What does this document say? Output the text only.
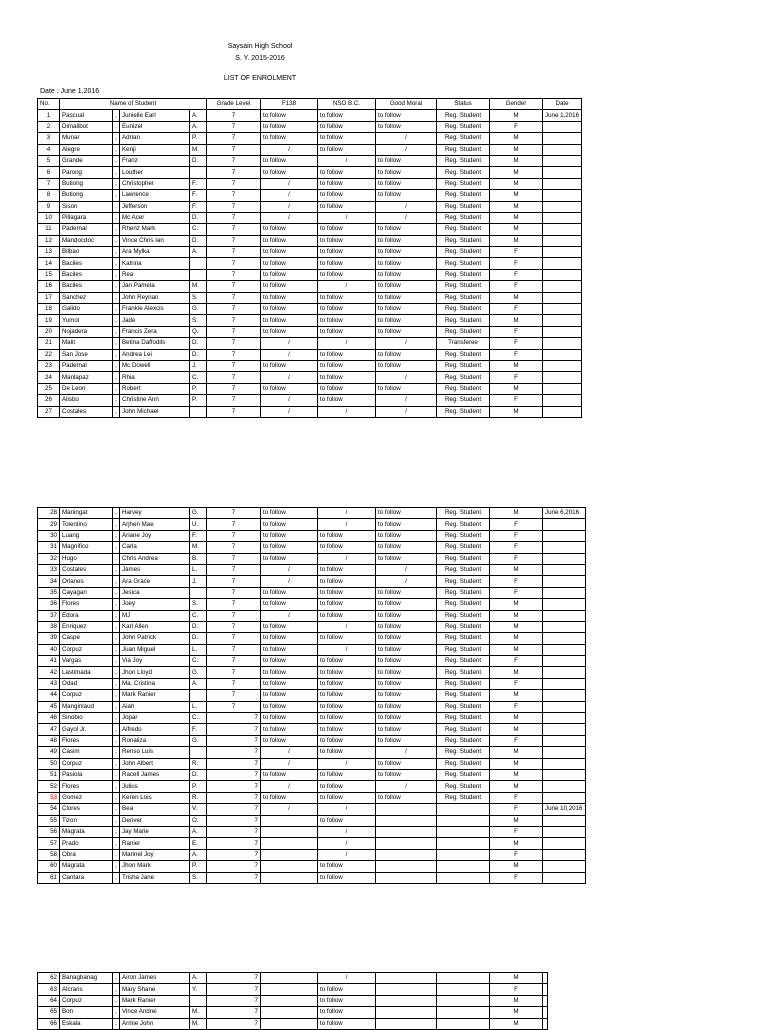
Saysain High School
S. Y. 2015-2016
LIST OF ENROLMENT
Date : June 1,2016
No.	Name of Student				Grade Level	F138	NSO B.C.	Good Moral	Status	Gender	Date
1	Pascual	,	Junielle Earl	A.	7	to follow	to follow	to follow	Reg. Student	M	June 1,2016
2	Dimalibot	,	Eunizel	A.	7	to follow	to follow	to follow	Reg. Student	F	
3	Munar	,	Adrian	P.	7	to follow	to follow	/	Reg. Student	M	
4	Alegre	,	Kenji	M.	7	/	to follow	/	Reg. Student	M	
5	Grande	,	Franz	D.	7	to follow	/	to follow	Reg. Student	M	
6	Parong	,	Louther		7	to follow	to follow	to follow	Reg. Student	M	
7	Butiong	,	Christopher	F.	7	/	to follow	to follow	Reg. Student	M	
8	Butiong	,	Lawrence	F.	7	/	to follow	to follow	Reg. Student	M	
9	Sison	,	Jefferson	F.	7	/	to follow	/	Reg. Student	M	
10	Pillagara	,	Mc Acer	D.	7	/	/	/	Reg. Student	M	
11	Padernal	,	Rhenz Mark	C.	7	to follow	to follow	to follow	Reg. Student	M	
12	Mandocdoc	,	Vince Chris Ian	D.	7	to follow	to follow	to follow	Reg. Student	M	
13	Bilbao	,	Ara Mylka	A.	7	to follow	to follow	to follow	Reg. Student	F	
14	Baciles	,	Katrina		7	to follow	to follow	to follow	Reg. Student	F	
15	Baciles	,	Rea		7	to follow	to follow	to follow	Reg. Student	F	
16	Baciles	,	Jan Pamela	M.	7	to follow	/	to follow	Reg. Student	F	
17	Sanchez	,	John Reynan	S.	7	to follow	to follow	to follow	Reg. Student	M	
18	Galido	,	Frankie Alexcis	G.	7	to follow	to follow	to follow	Reg. Student	F	
19	Yumol	,	Jade	S.	7	to follow	to follow	to follow	Reg. Student	M	
20	Nojadera	,	Francis Zera	Q.	7	to follow	to follow	to follow	Reg. Student	F	
21	Malit	,	Betina Daffodils	D.	7	/	/	/	Transferee	F	
22	San Jose	,	Andrea Lei	D.	7	/	to follow	to follow	Reg. Student	F	
23	Padernal	,	Mc Dowell	J.	7	to follow	to follow	to follow	Reg. Student	M	
24	Manlapaz	,	Rhia	C.	7	/	to follow	/	Reg. Student	F	
25	De Leon	,	Robert	P.	7	to follow	to follow	to follow	Reg. Student	M	
26	Alisbo	,	Christine Ann	P.	7	/	to follow	/	Reg. Student	F	
27	Costales	,	John Michael		7	/	/	/	Reg. Student	M	
28	Maningat	,	Harvey	G.	7	to follow	/	to follow	Reg. Student	M	June 6,2016
29	Tolentino	,	Arjhen Mae	U.	7	to follow	/	to follow	Reg. Student	F	
30	Luang	,	Ariane Joy	F.	7	to follow	to follow	to follow	Reg. Student	F	
31	Magnifico	,	Carla	M.	7	to follow	to follow	to follow	Reg. Student	F	
32	Hugo	,	Chris Andrea	B.	7	to follow	/	to follow	Reg. Student	F	
33	Costales	,	James	L.	7	/	to follow	/	Reg. Student	M	
34	Orlanes	,	Ara Grace	J.	7	/	to follow	/	Reg. Student	F	
35	Cayagan	,	Jesica		7	to follow	to follow	to follow	Reg. Student	F	
36	Flores	,	Joey	S.	7	to follow	to follow	to follow	Reg. Student	M	
37	Edora	,	MJ	C.	7	/	to follow	to follow	Reg. Student	M	
38	Enriquez	,	Karl Allen	D.	7	to follow	/	to follow	Reg. Student	M	
39	Caspe	,	John Patrick	D.	7	to follow	to follow	to follow	Reg. Student	M	
40	Corpuz	,	Juan Miguel	L.	7	to follow	/	to follow	Reg. Student	M	
41	Vargas	,	Via Joy	C.	7	to follow	to follow	to follow	Reg. Student	F	
42	Lastimada	,	Jhon Lloyd	G.	7	to follow	to follow	to follow	Reg. Student	M	
43	Odad	,	Ma. Cristina	A.	7	to follow	to follow	to follow	Reg. Student	F	
44	Corpuz	,	Mark Ranier		7	to follow	to follow	to follow	Reg. Student	M	
45	Manginlaud	,	Aiah	L.	7	to follow	to follow	to follow	Reg. Student	F	
46	Sinobio	,	Jopar	C..	7	to follow	to follow	to follow	Reg. Student	M	
47	Gayol Jr.	,	Alfredo	F.	7	to follow	to follow	to follow	Reg. Student	M	
48	Flores	,	Ronaliza	G.	7	to follow	to follow	to follow	Reg. Student	F	
49	Casim	,	Renso Luis		7	/	to follow	/	Reg. Student	M	
50	Corpuz	,	John Albert	R.	7	/	/	to follow	Reg. Student	M	
51	Pasiola	,	Racell James	D.	7	to follow	to follow	to follow	Reg. Student	M	
52	Flores	,	Julius	P.	7	/	to follow	/	Reg. Student	M	
53	Gomez	,	Keren Lois	R.	7	to follow	to follow	to follow	Reg. Student	F	
54	Clores	,	Bea	V.	7	/	/			F	June 10,2016
55	Tizon	,	Denver	O.	7		to follow			M	
56	Magrata	,	Jay Marie	A.	7		/			F	
57	Prado	,	Ranier	E.	7		/			M	
58	Obra	,	Marinel Joy	A.	7		/			F	
60	Magrata	,	Jhon Mark	P.	7		to follow			M	
61	Cantara	,	Trisha Jane	S.	7		to follow			F	
62	Banagbanag	,	Airon James	A.	7		/			M	
63	Alcraris	,	Mary Shane	Y.	7		to follow			F	
64	Corpuz	,	Mark Ranier		7		to follow			M	
65	Bon	,	Vince Andrei	M.	7		to follow			M	
66	Eskala	,	Armie John	M.	7		to follow			M	
